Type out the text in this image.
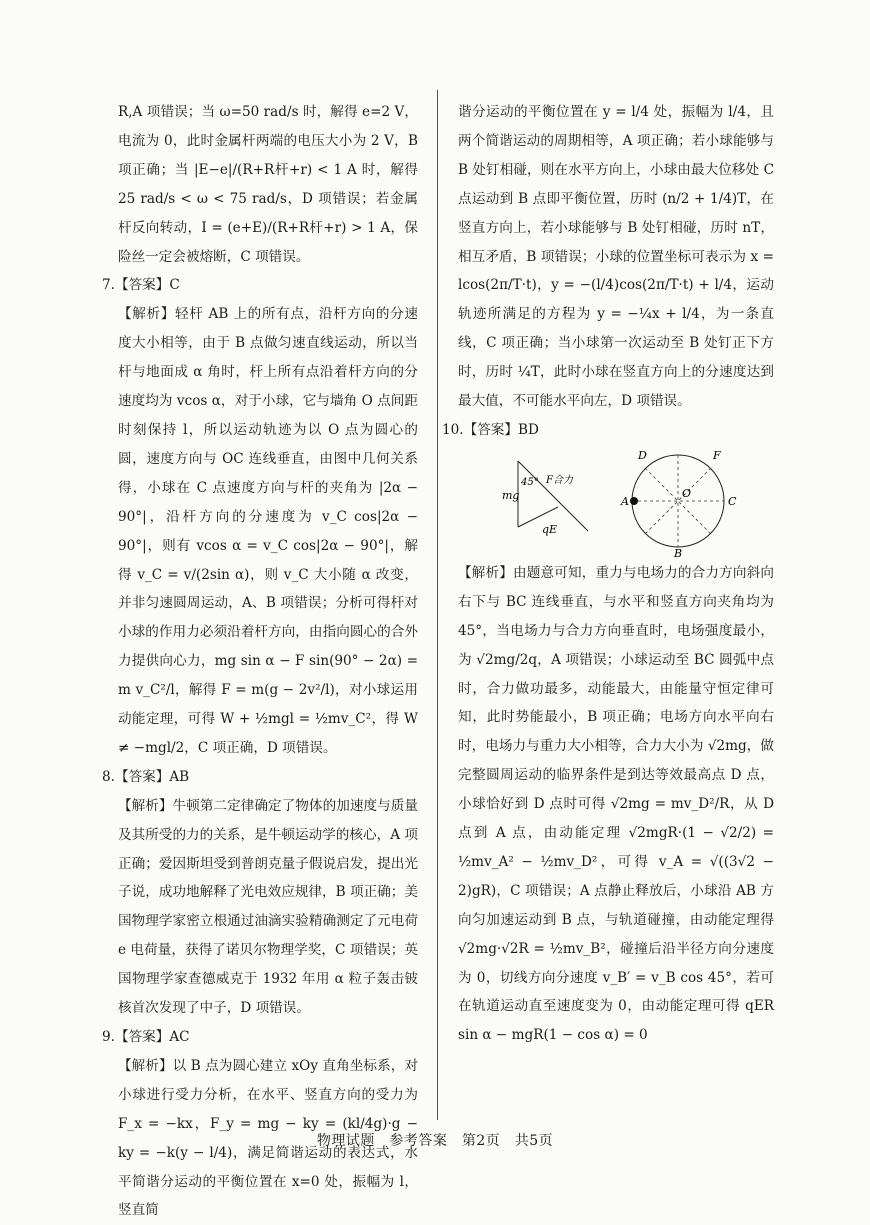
R,A 项错误；当 ω=50 rad/s 时，解得 e=2 V，电流为 0，此时金属杆两端的电压大小为 2 V，B 项正确；当 |E−e|/(R+R杆+r) < 1 A 时，解得 25 rad/s < ω < 75 rad/s，D 项错误；若金属杆反向转动，I = (e+E)/(R+R杆+r) > 1 A，保险丝一定会被熔断，C 项错误。

7.【答案】C

【解析】轻杆 AB 上的所有点，沿杆方向的分速度大小相等，由于 B 点做匀速直线运动，所以当杆与地面成 α 角时，杆上所有点沿着杆方向的分速度均为 vcos α，对于小球，它与墙角 O 点间距时刻保持 l，所以运动轨迹为以 O 点为圆心的圆，速度方向与 OC 连线垂直，由图中几何关系得，小球在 C 点速度方向与杆的夹角为 |2α − 90°|，沿杆方向的分速度为 v_C cos|2α − 90°|，则有 vcos α = v_C cos|2α − 90°|，解得 v_C = v/(2sin α)，则 v_C 大小随 α 改变，并非匀速圆周运动，A、B 项错误；分析可得杆对小球的作用力必须沿着杆方向，由指向圆心的合外力提供向心力，mg sin α − F sin(90° − 2α) = m v_C²/l，解得 F = m(g − 2v²/l)，对小球运用动能定理，可得 W + ½mgl = ½mv_C²，得 W ≠ −mgl/2，C 项正确，D 项错误。

8.【答案】AB

【解析】牛顿第二定律确定了物体的加速度与质量及其所受的力的关系，是牛顿运动学的核心，A 项正确；爱因斯坦受到普朗克量子假说启发，提出光子说，成功地解释了光电效应规律，B 项正确；美国物理学家密立根通过油滴实验精确测定了元电荷 e 电荷量，获得了诺贝尔物理学奖，C 项错误；英国物理学家查德威克于 1932 年用 α 粒子轰击铍核首次发现了中子，D 项错误。

9.【答案】AC

【解析】以 B 点为圆心建立 xOy 直角坐标系，对小球进行受力分析，在水平、竖直方向的受力为 F_x = −kx，F_y = mg − ky = (kl/4g)·g − ky = −k(y − l/4)，满足简谐运动的表达式，水平简谐分运动的平衡位置在 x=0 处，振幅为 l，竖直简

谐分运动的平衡位置在 y = l/4 处，振幅为 l/4，且两个简谐运动的周期相等，A 项正确；若小球能够与 B 处钉相碰，则在水平方向上，小球由最大位移处 C 点运动到 B 点即平衡位置，历时 (n/2 + 1/4)T，在竖直方向上，若小球能够与 B 处钉相碰，历时 nT，相互矛盾，B 项错误；小球的位置坐标可表示为 x = lcos(2π/T·t)，y = −(l/4)cos(2π/T·t) + l/4，运动轨迹所满足的方程为 y = −¼x + l/4，为一条直线，C 项正确；当小球第一次运动至 B 处钉正下方时，历时 ¼T，此时小球在竖直方向上的分速度达到最大值，不可能水平向左，D 项错误。

10.【答案】BD

mg
45° F合力
qE
D	F
O
A	C
B

【解析】由题意可知，重力与电场力的合力方向斜向右下与 BC 连线垂直，与水平和竖直方向夹角均为 45°，当电场力与合力方向垂直时，电场强度最小，为 √2mg/2q，A 项错误；小球运动至 BC 圆弧中点时，合力做功最多，动能最大，由能量守恒定律可知，此时势能最小，B 项正确；电场方向水平向右时，电场力与重力大小相等，合力大小为 √2mg，做完整圆周运动的临界条件是到达等效最高点 D 点，小球恰好到 D 点时可得 √2mg = mv_D²/R，从 D 点到 A 点，由动能定理 √2mgR·(1 − √2/2) = ½mv_A² − ½mv_D²，可得 v_A = √((3√2 − 2)gR)，C 项错误；A 点静止释放后，小球沿 AB 方向匀加速运动到 B 点，与轨道碰撞，由动能定理得 √2mg·√2R = ½mv_B²，碰撞后沿半径方向分速度为 0，切线方向分速度 v_B′ = v_B cos 45°，若可在轨道运动直至速度变为 0，由动能定理可得 qER sin α − mgR(1 − cos α) = 0

物理试题　参考答案　第2页　共5页
